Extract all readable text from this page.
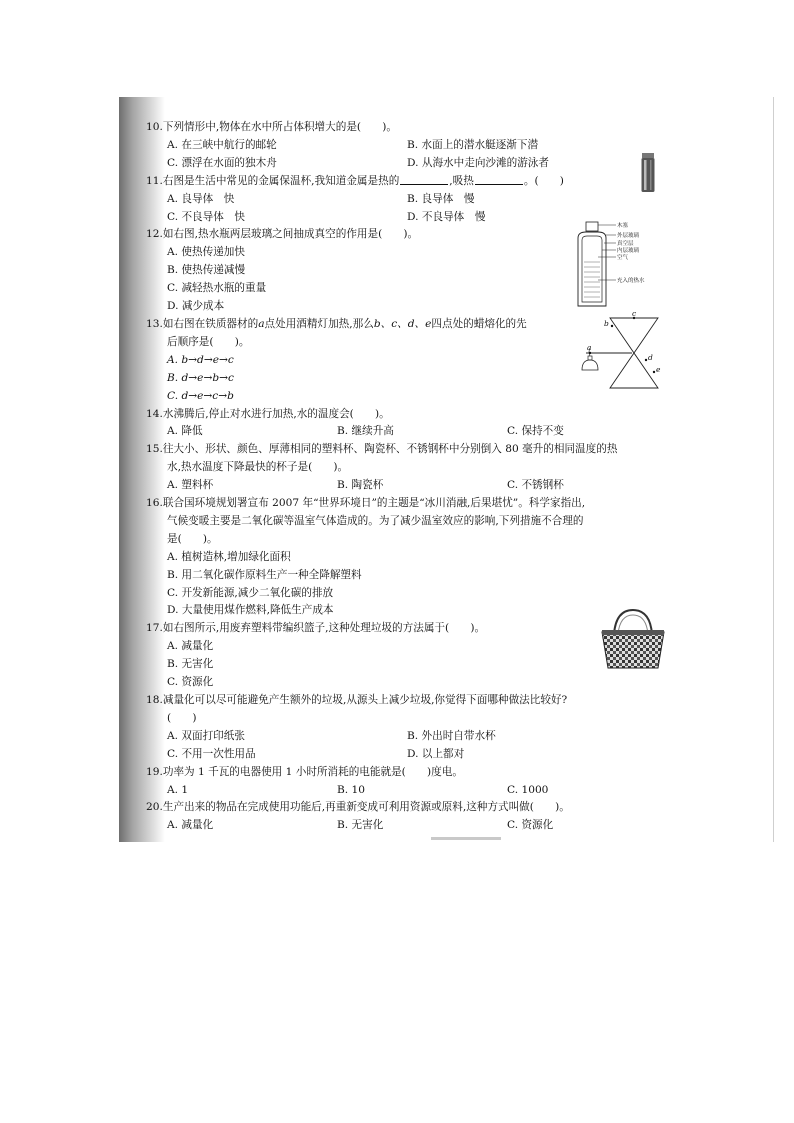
10. 下列情形中,物体在水中所占体积增大的是(　　)。
A. 在三峡中航行的邮轮	B. 水面上的潜水艇逐渐下潜
C. 漂浮在水面的独木舟	D. 从海水中走向沙滩的游泳者
11. 右图是生活中常见的金属保温杯,我知道金属是热的	,吸热	。(　　)
A. 良导体　快	B. 良导体　慢
C. 不良导体　快	D. 不良导体　慢
12. 如右图,热水瓶两层玻璃之间抽成真空的作用是(　　)。
A. 使热传递加快
B. 使热传递减慢
C. 减轻热水瓶的重量
D. 减少成本
木塞
外层玻璃
真空层
内层玻璃
空气
充入的热水
13. 如右图在铁质器材的 a 点处用酒精灯加热,那么 b、c、d、e 四点处的蜡熔化的先
后顺序是(　　)。
A. b→d→e→c
B. d→e→b→c
C. d→e→c→b
b
c
a
d
e
14. 水沸腾后,停止对水进行加热,水的温度会(　　)。
A. 降低	B. 继续升高	C. 保持不变
15. 往大小、形状、颜色、厚薄相同的塑料杯、陶瓷杯、不锈钢杯中分别倒入 80 毫升的相同温度的热
水,热水温度下降最快的杯子是(　　)。
A. 塑料杯	B. 陶瓷杯	C. 不锈钢杯
16. 联合国环境规划署宣布 2007 年“世界环境日”的主题是“冰川消融,后果堪忧”。科学家指出,
气候变暖主要是二氧化碳等温室气体造成的。为了减少温室效应的影响,下列措施不合理的
是(　　)。
A. 植树造林,增加绿化面积
B. 用二氧化碳作原料生产一种全降解塑料
C. 开发新能源,减少二氧化碳的排放
D. 大量使用煤作燃料,降低生产成本
17. 如右图所示,用废弃塑料带编织篮子,这种处理垃圾的方法属于(　　)。
A. 减量化
B. 无害化
C. 资源化
18. 减量化可以尽可能避免产生额外的垃圾,从源头上减少垃圾,你觉得下面哪种做法比较好?
(　　)
A. 双面打印纸张	B. 外出时自带水杯
C. 不用一次性用品	D. 以上都对
19. 功率为 1 千瓦的电器使用 1 小时所消耗的电能就是(　　)度电。
A. 1	B. 10	C. 1000
20. 生产出来的物品在完成使用功能后,再重新变成可利用资源或原料,这种方式叫做(　　)。
A. 减量化	B. 无害化	C. 资源化
